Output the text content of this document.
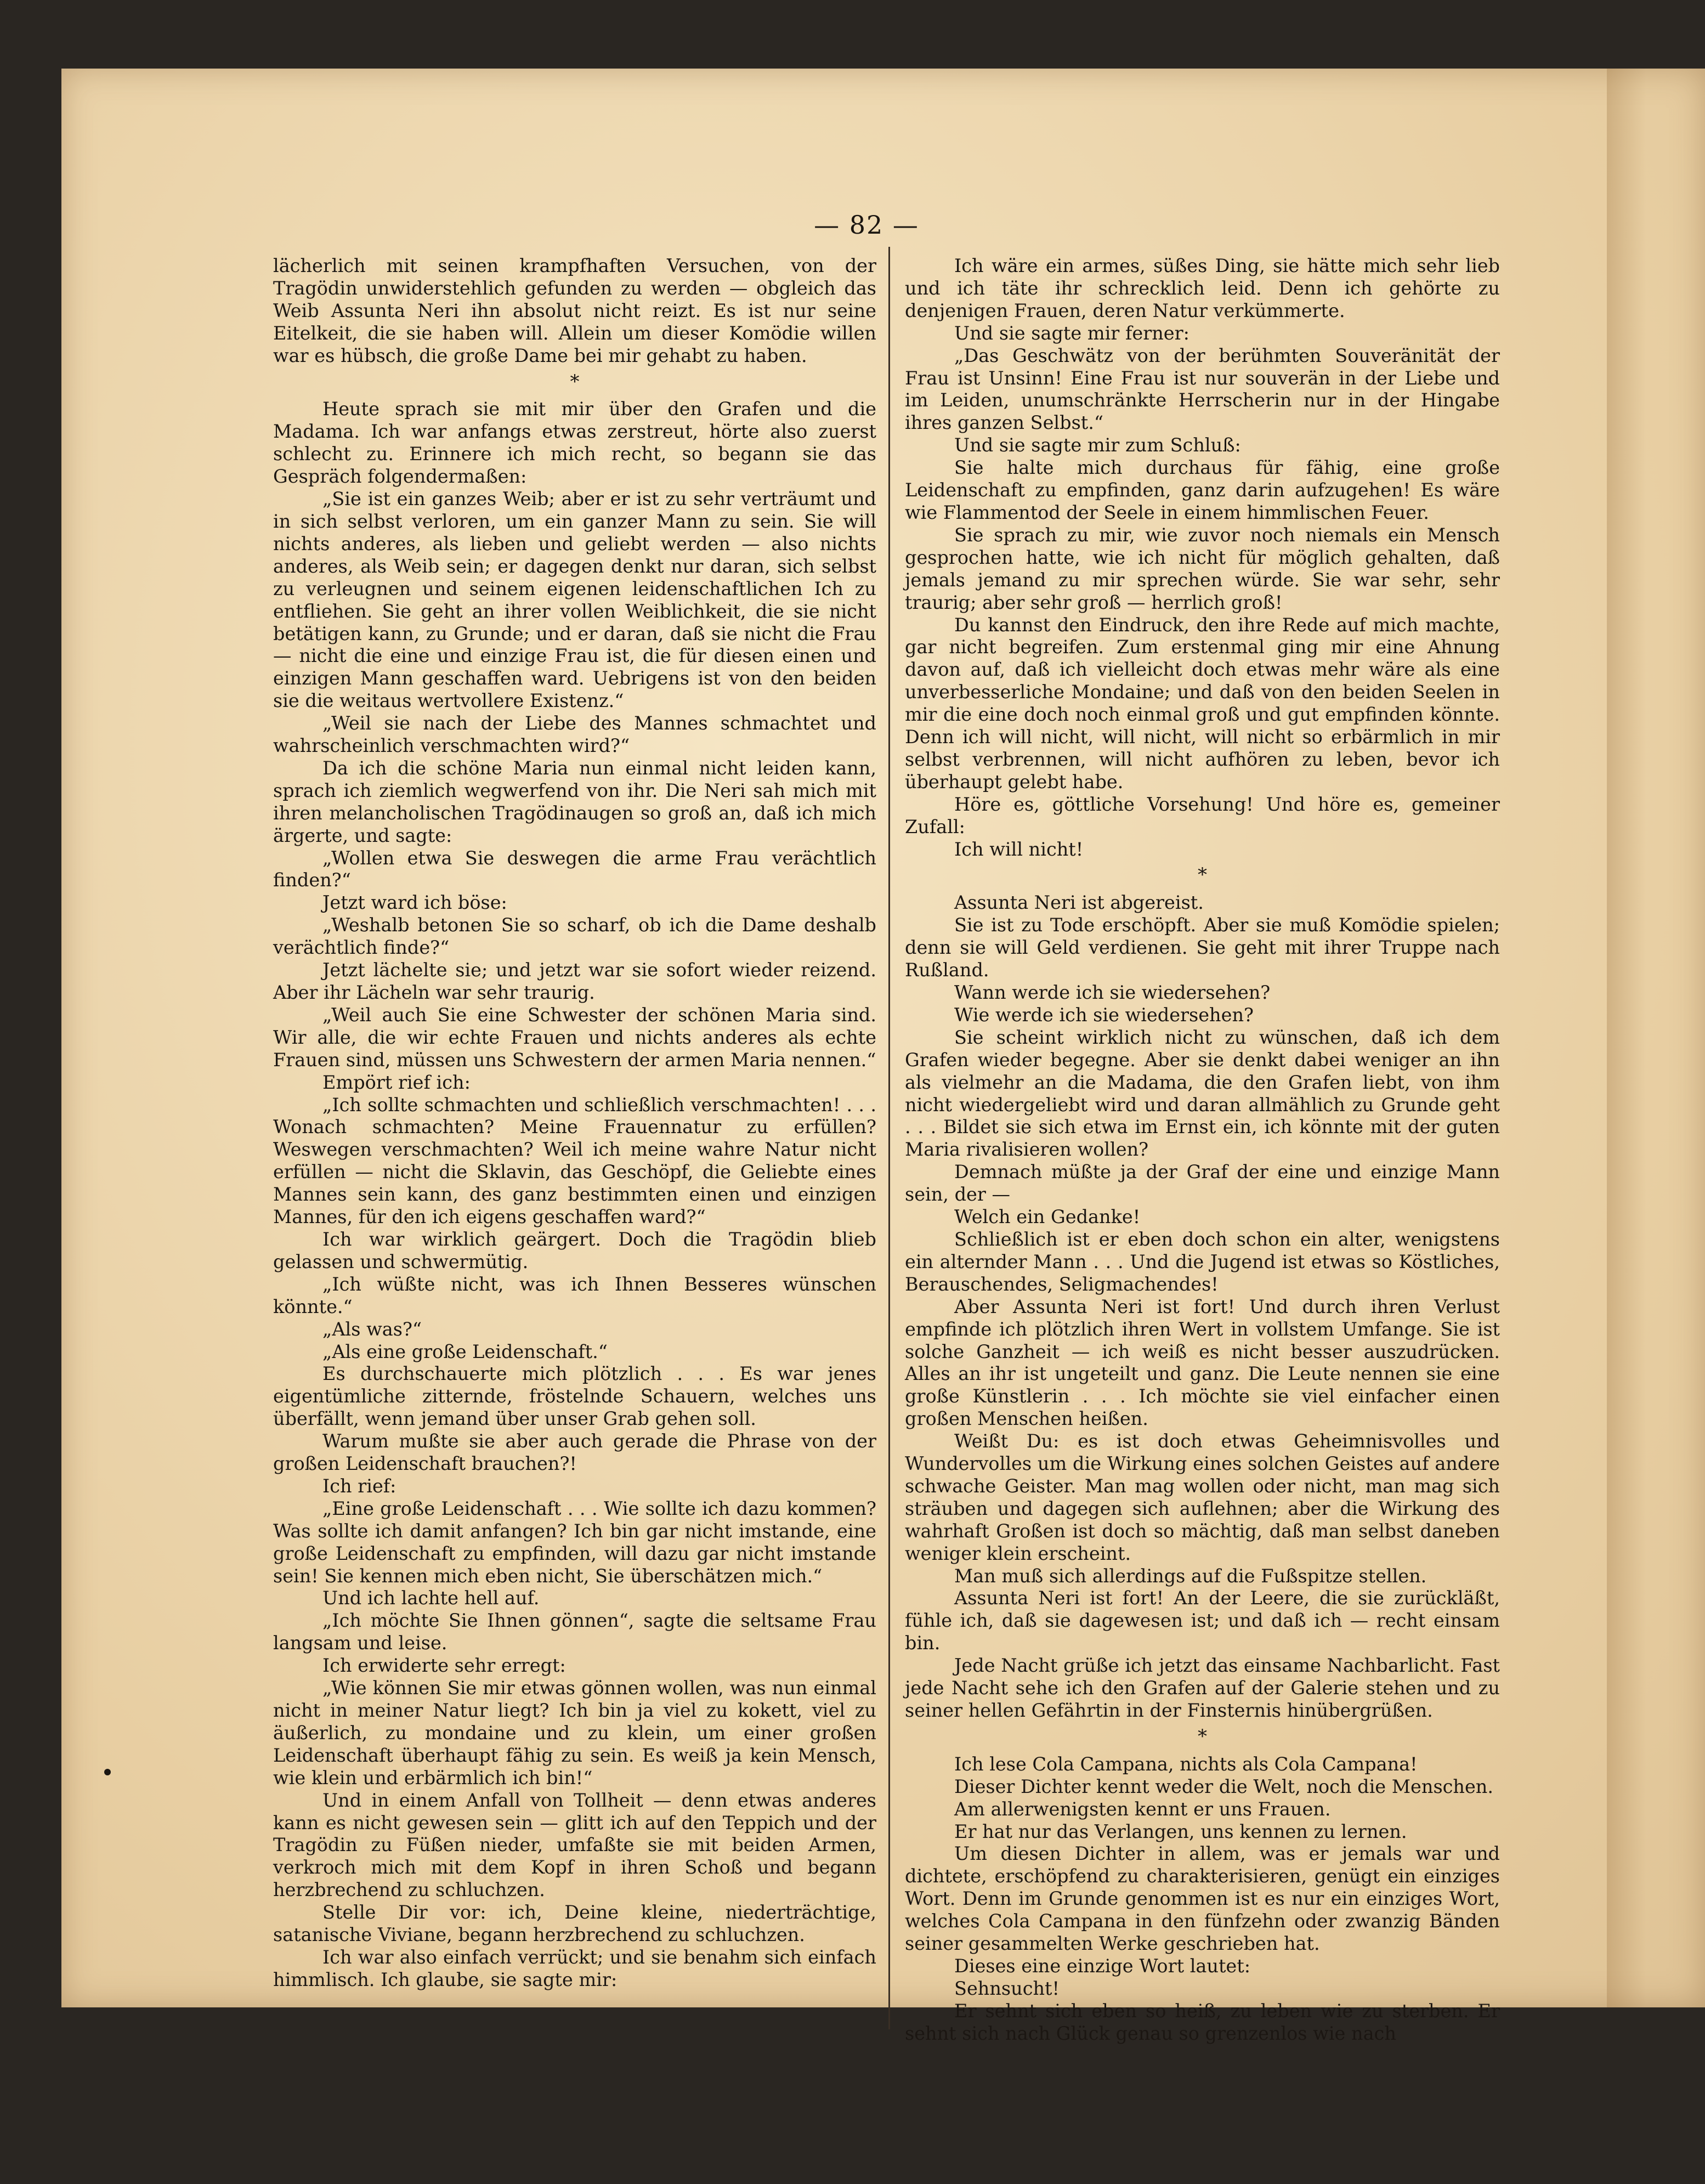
— 82 —

lächerlich mit seinen krampfhaften Versuchen, von der Tragödin unwiderstehlich gefunden zu werden — obgleich das Weib Assunta Neri ihn absolut nicht reizt. Es ist nur seine Eitelkeit, die sie haben will. Allein um dieser Komödie willen war es hübsch, die große Dame bei mir gehabt zu haben.

*

Heute sprach sie mit mir über den Grafen und die Madama. Ich war anfangs etwas zerstreut, hörte also zuerst schlecht zu. Erinnere ich mich recht, so begann sie das Gespräch folgendermaßen:

„Sie ist ein ganzes Weib; aber er ist zu sehr verträumt und in sich selbst verloren, um ein ganzer Mann zu sein. Sie will nichts anderes, als lieben und geliebt werden — also nichts anderes, als Weib sein; er dagegen denkt nur daran, sich selbst zu verleugnen und seinem eigenen leidenschaftlichen Ich zu entfliehen. Sie geht an ihrer vollen Weiblichkeit, die sie nicht betätigen kann, zu Grunde; und er daran, daß sie nicht die Frau — nicht die eine und einzige Frau ist, die für diesen einen und einzigen Mann geschaffen ward. Uebrigens ist von den beiden sie die weitaus wertvollere Existenz.“

„Weil sie nach der Liebe des Mannes schmachtet und wahrscheinlich verschmachten wird?“

Da ich die schöne Maria nun einmal nicht leiden kann, sprach ich ziemlich wegwerfend von ihr. Die Neri sah mich mit ihren melancholischen Tragödinaugen so groß an, daß ich mich ärgerte, und sagte:

„Wollen etwa Sie deswegen die arme Frau verächtlich finden?“

Jetzt ward ich böse:

„Weshalb betonen Sie so scharf, ob ich die Dame deshalb verächtlich finde?“

Jetzt lächelte sie; und jetzt war sie sofort wieder reizend. Aber ihr Lächeln war sehr traurig.

„Weil auch Sie eine Schwester der schönen Maria sind. Wir alle, die wir echte Frauen und nichts anderes als echte Frauen sind, müssen uns Schwestern der armen Maria nennen.“

Empört rief ich:

„Ich sollte schmachten und schließlich verschmachten! . . . Wonach schmachten? Meine Frauennatur zu erfüllen? Weswegen verschmachten? Weil ich meine wahre Natur nicht erfüllen — nicht die Sklavin, das Geschöpf, die Geliebte eines Mannes sein kann, des ganz bestimmten einen und einzigen Mannes, für den ich eigens geschaffen ward?“

Ich war wirklich geärgert. Doch die Tragödin blieb gelassen und schwermütig.

„Ich wüßte nicht, was ich Ihnen Besseres wünschen könnte.“

„Als was?“

„Als eine große Leidenschaft.“

Es durchschauerte mich plötzlich . . . Es war jenes eigentümliche zitternde, fröstelnde Schauern, welches uns überfällt, wenn jemand über unser Grab gehen soll.

Warum mußte sie aber auch gerade die Phrase von der großen Leidenschaft brauchen?!

Ich rief:

„Eine große Leidenschaft . . . Wie sollte ich dazu kommen? Was sollte ich damit anfangen? Ich bin gar nicht imstande, eine große Leidenschaft zu empfinden, will dazu gar nicht imstande sein! Sie kennen mich eben nicht, Sie überschätzen mich.“

Und ich lachte hell auf.

„Ich möchte Sie Ihnen gönnen“, sagte die seltsame Frau langsam und leise.

Ich erwiderte sehr erregt:

„Wie können Sie mir etwas gönnen wollen, was nun einmal nicht in meiner Natur liegt? Ich bin ja viel zu kokett, viel zu äußerlich, zu mondaine und zu klein, um einer großen Leidenschaft überhaupt fähig zu sein. Es weiß ja kein Mensch, wie klein und erbärmlich ich bin!“

Und in einem Anfall von Tollheit — denn etwas anderes kann es nicht gewesen sein — glitt ich auf den Teppich und der Tragödin zu Füßen nieder, umfaßte sie mit beiden Armen, verkroch mich mit dem Kopf in ihren Schoß und begann herzbrechend zu schluchzen.

Stelle Dir vor: ich, Deine kleine, niederträchtige, satanische Viviane, begann herzbrechend zu schluchzen.

Ich war also einfach verrückt; und sie benahm sich einfach himmlisch. Ich glaube, sie sagte mir:

Ich wäre ein armes, süßes Ding, sie hätte mich sehr lieb und ich täte ihr schrecklich leid. Denn ich gehörte zu denjenigen Frauen, deren Natur verkümmerte.

Und sie sagte mir ferner:

„Das Geschwätz von der berühmten Souveränität der Frau ist Unsinn! Eine Frau ist nur souverän in der Liebe und im Leiden, unumschränkte Herrscherin nur in der Hingabe ihres ganzen Selbst.“

Und sie sagte mir zum Schluß:

Sie halte mich durchaus für fähig, eine große Leidenschaft zu empfinden, ganz darin aufzugehen! Es wäre wie Flammentod der Seele in einem himmlischen Feuer.

Sie sprach zu mir, wie zuvor noch niemals ein Mensch gesprochen hatte, wie ich nicht für möglich gehalten, daß jemals jemand zu mir sprechen würde. Sie war sehr, sehr traurig; aber sehr groß — herrlich groß!

Du kannst den Eindruck, den ihre Rede auf mich machte, gar nicht begreifen. Zum erstenmal ging mir eine Ahnung davon auf, daß ich vielleicht doch etwas mehr wäre als eine unverbesserliche Mondaine; und daß von den beiden Seelen in mir die eine doch noch einmal groß und gut empfinden könnte. Denn ich will nicht, will nicht, will nicht so erbärmlich in mir selbst verbrennen, will nicht aufhören zu leben, bevor ich überhaupt gelebt habe.

Höre es, göttliche Vorsehung! Und höre es, gemeiner Zufall:

Ich will nicht!

*

Assunta Neri ist abgereist.

Sie ist zu Tode erschöpft. Aber sie muß Komödie spielen; denn sie will Geld verdienen. Sie geht mit ihrer Truppe nach Rußland.

Wann werde ich sie wiedersehen?

Wie werde ich sie wiedersehen?

Sie scheint wirklich nicht zu wünschen, daß ich dem Grafen wieder begegne. Aber sie denkt dabei weniger an ihn als vielmehr an die Madama, die den Grafen liebt, von ihm nicht wiedergeliebt wird und daran allmählich zu Grunde geht . . . Bildet sie sich etwa im Ernst ein, ich könnte mit der guten Maria rivalisieren wollen?

Demnach müßte ja der Graf der eine und einzige Mann sein, der —

Welch ein Gedanke!

Schließlich ist er eben doch schon ein alter, wenigstens ein alternder Mann . . . Und die Jugend ist etwas so Köstliches, Berauschendes, Seligmachendes!

Aber Assunta Neri ist fort! Und durch ihren Verlust empfinde ich plötzlich ihren Wert in vollstem Umfange. Sie ist solche Ganzheit — ich weiß es nicht besser auszudrücken. Alles an ihr ist ungeteilt und ganz. Die Leute nennen sie eine große Künstlerin . . . Ich möchte sie viel einfacher einen großen Menschen heißen.

Weißt Du: es ist doch etwas Geheimnisvolles und Wundervolles um die Wirkung eines solchen Geistes auf andere schwache Geister. Man mag wollen oder nicht, man mag sich sträuben und dagegen sich auflehnen; aber die Wirkung des wahrhaft Großen ist doch so mächtig, daß man selbst daneben weniger klein erscheint.

Man muß sich allerdings auf die Fußspitze stellen.

Assunta Neri ist fort! An der Leere, die sie zurückläßt, fühle ich, daß sie dagewesen ist; und daß ich — recht einsam bin.

Jede Nacht grüße ich jetzt das einsame Nachbarlicht. Fast jede Nacht sehe ich den Grafen auf der Galerie stehen und zu seiner hellen Gefährtin in der Finsternis hinübergrüßen.

*

Ich lese Cola Campana, nichts als Cola Campana!

Dieser Dichter kennt weder die Welt, noch die Menschen.

Am allerwenigsten kennt er uns Frauen.

Er hat nur das Verlangen, uns kennen zu lernen.

Um diesen Dichter in allem, was er jemals war und dichtete, erschöpfend zu charakterisieren, genügt ein einziges Wort. Denn im Grunde genommen ist es nur ein einziges Wort, welches Cola Campana in den fünfzehn oder zwanzig Bänden seiner gesammelten Werke geschrieben hat.

Dieses eine einzige Wort lautet:

Sehnsucht!

Er sehnt sich eben so heiß, zu leben wie zu sterben. Er sehnt sich nach Glück genau so grenzenlos wie nach
